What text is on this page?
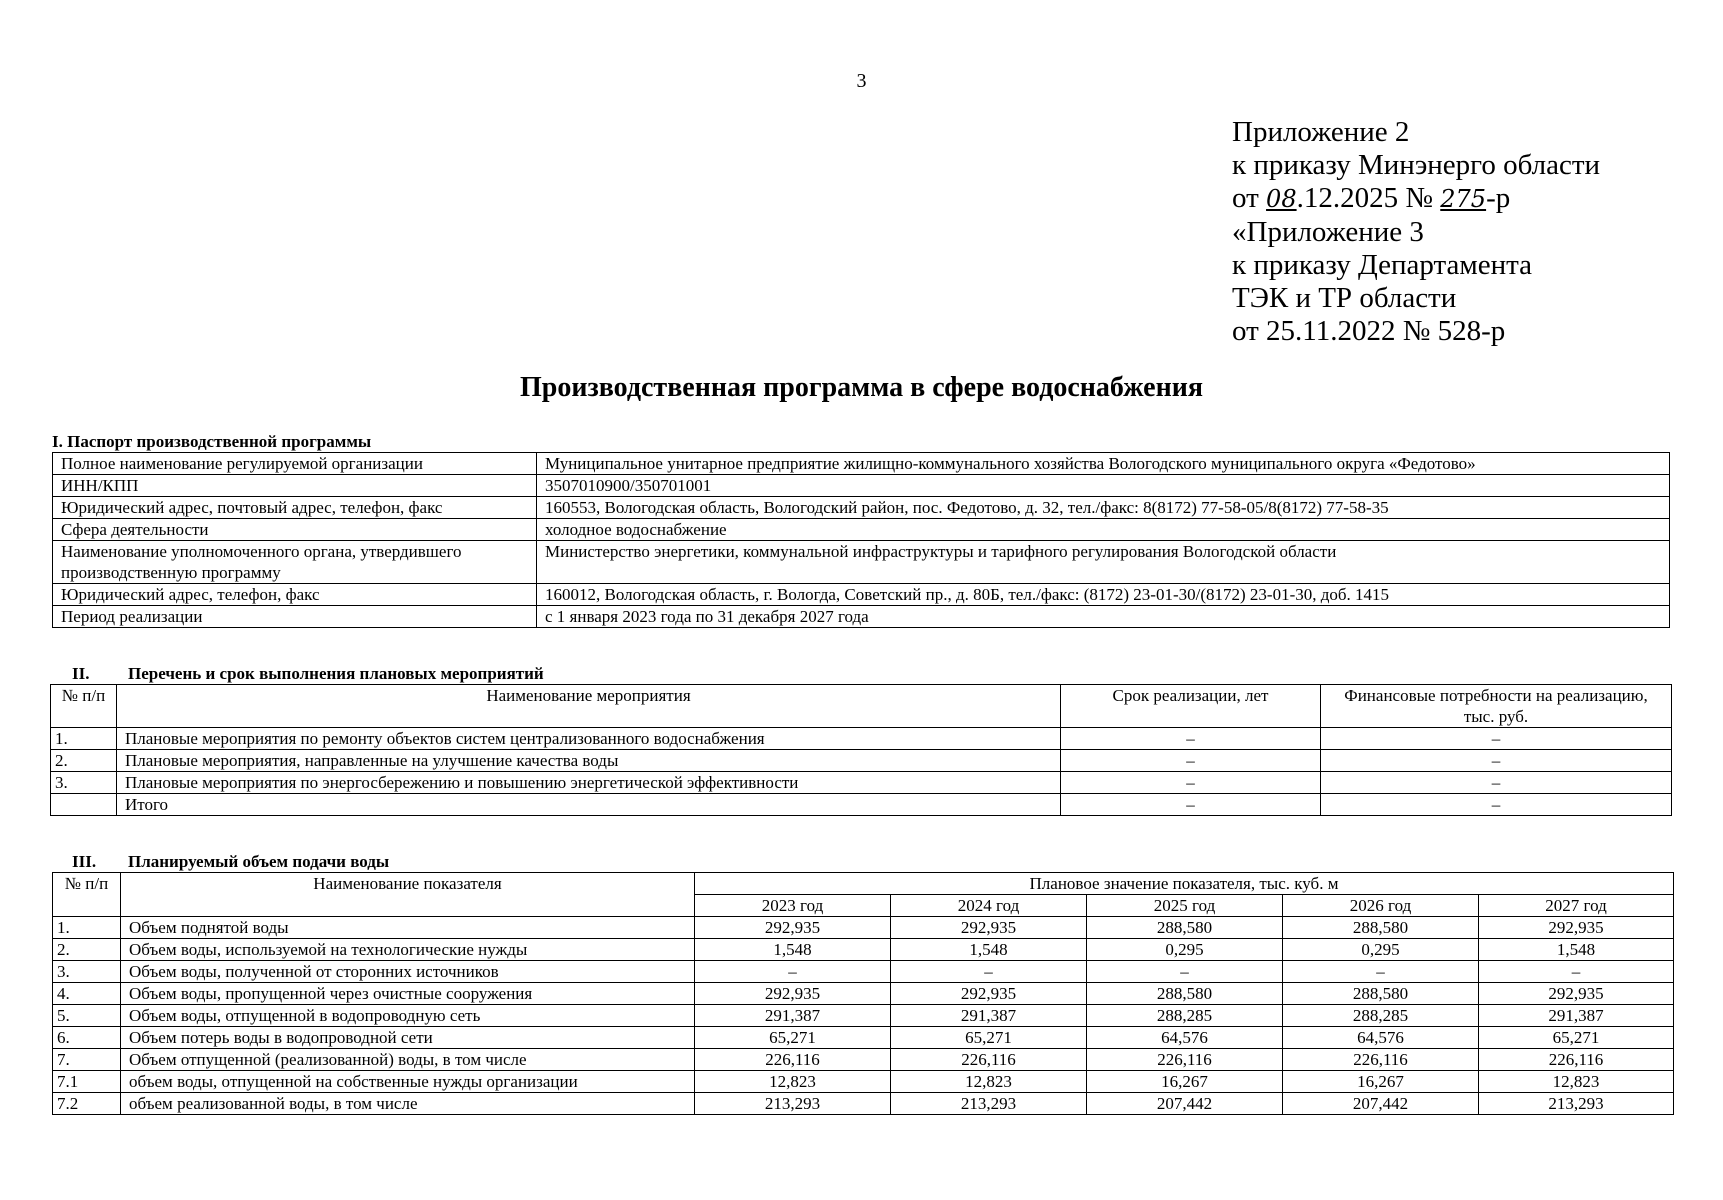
3
Приложение 2
к приказу Минэнерго области
от 08.12.2025 № 275-р
«Приложение 3
к приказу Департамента
ТЭК и ТР области
от 25.11.2022 № 528-р
Производственная программа в сфере водоснабжения
I. Паспорт производственной программы
Полное наименование регулируемой организации	Муниципальное унитарное предприятие жилищно-коммунального хозяйства Вологодского муниципального округа «Федотово»
ИНН/КПП	3507010900/350701001
Юридический адрес, почтовый адрес, телефон, факс	160553, Вологодская область, Вологодский район, пос. Федотово, д. 32, тел./факс: 8(8172) 77-58-05/8(8172) 77-58-35
Сфера деятельности	холодное водоснабжение
Наименование уполномоченного органа, утвердившего производственную программу	Министерство энергетики, коммунальной инфраструктуры и тарифного регулирования Вологодской области
Юридический адрес, телефон, факс	160012, Вологодская область, г. Вологда, Советский пр., д. 80Б, тел./факс: (8172) 23-01-30/(8172) 23-01-30, доб. 1415
Период реализации	с 1 января 2023 года по 31 декабря 2027 года
II. Перечень и срок выполнения плановых мероприятий
№ п/п	Наименование мероприятия	Срок реализации, лет	Финансовые потребности на реализацию, тыс. руб.
1.	Плановые мероприятия по ремонту объектов систем централизованного водоснабжения	–	–
2.	Плановые мероприятия, направленные на улучшение качества воды	–	–
3.	Плановые мероприятия по энергосбережению и повышению энергетической эффективности	–	–
	Итого	–	–
III. Планируемый объем подачи воды
№ п/п	Наименование показателя	Плановое значение показателя, тыс. куб. м				
		2023 год	2024 год	2025 год	2026 год	2027 год
1.	Объем поднятой воды	292,935	292,935	288,580	288,580	292,935
2.	Объем воды, используемой на технологические нужды	1,548	1,548	0,295	0,295	1,548
3.	Объем воды, полученной от сторонних источников	–	–	–	–	–
4.	Объем воды, пропущенной через очистные сооружения	292,935	292,935	288,580	288,580	292,935
5.	Объем воды, отпущенной в водопроводную сеть	291,387	291,387	288,285	288,285	291,387
6.	Объем потерь воды в водопроводной сети	65,271	65,271	64,576	64,576	65,271
7.	Объем отпущенной (реализованной) воды, в том числе	226,116	226,116	226,116	226,116	226,116
7.1	объем воды, отпущенной на собственные нужды организации	12,823	12,823	16,267	16,267	12,823
7.2	объем реализованной воды, в том числе	213,293	213,293	207,442	207,442	213,293
